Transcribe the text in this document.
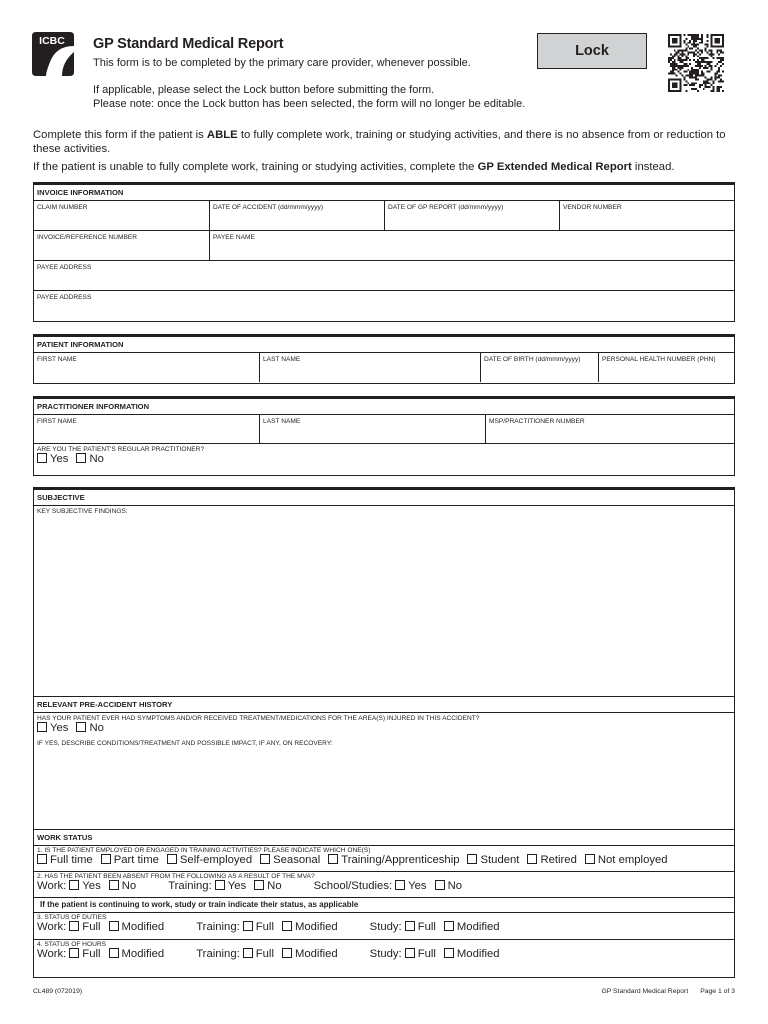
ICBC GP Standard Medical Report
This form is to be completed by the primary care provider, whenever possible.
If applicable, please select the Lock button before submitting the form.
Please note: once the Lock button has been selected, the form will no longer be editable.
Lock
Complete this form if the patient is ABLE to fully complete work, training or studying activities, and there is no absence from or reduction to these activities.
If the patient is unable to fully complete work, training or studying activities, complete the GP Extended Medical Report instead.
INVOICE INFORMATION
CLAIM NUMBER	DATE OF ACCIDENT (dd/mmm/yyyy)	DATE OF GP REPORT (dd/mmm/yyyy)	VENDOR NUMBER
INVOICE/REFERENCE NUMBER	PAYEE NAME
PAYEE ADDRESS
PAYEE ADDRESS
PATIENT INFORMATION
FIRST NAME	LAST NAME	DATE OF BIRTH (dd/mmm/yyyy)	PERSONAL HEALTH NUMBER (PHN)
PRACTITIONER INFORMATION
FIRST NAME	LAST NAME	MSP/PRACTITIONER NUMBER
ARE YOU THE PATIENT'S REGULAR PRACTITIONER?
Yes No
SUBJECTIVE
KEY SUBJECTIVE FINDINGS:
RELEVANT PRE-ACCIDENT HISTORY
HAS YOUR PATIENT EVER HAD SYMPTOMS AND/OR RECEIVED TREATMENT/MEDICATIONS FOR THE AREA(S) INJURED IN THIS ACCIDENT?
Yes No
IF YES, DESCRIBE CONDITIONS/TREATMENT AND POSSIBLE IMPACT, IF ANY, ON RECOVERY:
WORK STATUS
1. IS THE PATIENT EMPLOYED OR ENGAGED IN TRAINING ACTIVITIES? PLEASE INDICATE WHICH ONE(S)
Full time Part time Self-employed Seasonal Training/Apprenticeship Student Retired Not employed
2. HAS THE PATIENT BEEN ABSENT FROM THE FOLLOWING AS A RESULT OF THE MVA?
Work: Yes No	Training: Yes No	School/Studies: Yes No
If the patient is continuing to work, study or train indicate their status, as applicable
3. STATUS OF DUTIES
Work: Full Modified	Training: Full Modified	Study: Full Modified
4. STATUS OF HOURS
Work: Full Modified	Training: Full Modified	Study: Full Modified
CL489 (072019)	GP Standard Medical Report Page 1 of 3
